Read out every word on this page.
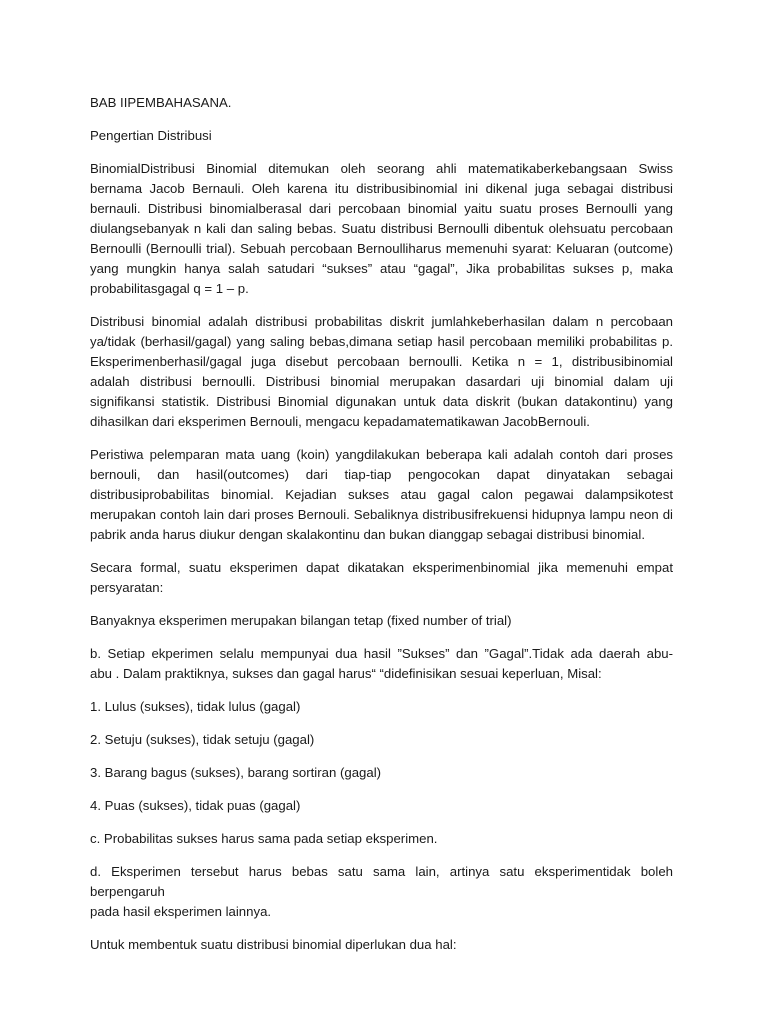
BAB IIPEMBAHASANA.
Pengertian Distribusi
BinomialDistribusi Binomial ditemukan oleh seorang ahli matematikaberkebangsaan Swiss
bernama Jacob Bernauli. Oleh karena itu distribusibinomial ini dikenal juga sebagai distribusi
bernauli. Distribusi binomialberasal dari percobaan binomial yaitu suatu proses Bernoulli yang
diulangsebanyak n kali dan saling bebas. Suatu distribusi Bernoulli dibentuk olehsuatu percobaan
Bernoulli (Bernoulli trial). Sebuah percobaan Bernoulliharus memenuhi syarat: Keluaran (outcome)
yang mungkin hanya salah satudari “sukses” atau “gagal”, Jika probabilitas sukses p, maka
probabilitasgagal q = 1 – p.
Distribusi binomial adalah distribusi probabilitas diskrit jumlahkeberhasilan dalam n percobaan
ya/tidak (berhasil/gagal) yang saling bebas,dimana setiap hasil percobaan memiliki probabilitas p.
Eksperimenberhasil/gagal juga disebut percobaan bernoulli. Ketika n = 1, distribusibinomial
adalah distribusi bernoulli. Distribusi binomial merupakan dasardari uji binomial dalam uji
signifikansi statistik. Distribusi Binomial digunakan untuk data diskrit (bukan datakontinu) yang
dihasilkan dari eksperimen Bernouli, mengacu kepadamatematikawan JacobBernouli.
Peristiwa pelemparan mata uang (koin) yangdilakukan beberapa kali adalah contoh dari proses
bernouli, dan hasil(outcomes) dari tiap-tiap pengocokan dapat dinyatakan sebagai
distribusiprobabilitas binomial. Kejadian sukses atau gagal calon pegawai dalampsikotest
merupakan contoh lain dari proses Bernouli. Sebaliknya distribusifrekuensi hidupnya lampu neon di
pabrik anda harus diukur dengan skalakontinu dan bukan dianggap sebagai distribusi binomial.
Secara formal, suatu eksperimen dapat dikatakan eksperimenbinomial jika memenuhi empat
persyaratan:
Banyaknya eksperimen merupakan bilangan tetap (fixed number of trial)
b. Setiap ekperimen selalu mempunyai dua hasil ”Sukses” dan ”Gagal”.Tidak ada daerah abu-
abu . Dalam praktiknya, sukses dan gagal harus“ “didefinisikan sesuai keperluan, Misal:
1. Lulus (sukses), tidak lulus (gagal)
2. Setuju (sukses), tidak setuju (gagal)
3. Barang bagus (sukses), barang sortiran (gagal)
4. Puas (sukses), tidak puas (gagal)
c. Probabilitas sukses harus sama pada setiap eksperimen.
d. Eksperimen tersebut harus bebas satu sama lain, artinya satu eksperimentidak boleh berpengaruh
pada hasil eksperimen lainnya.
Untuk membentuk suatu distribusi binomial diperlukan dua hal:
